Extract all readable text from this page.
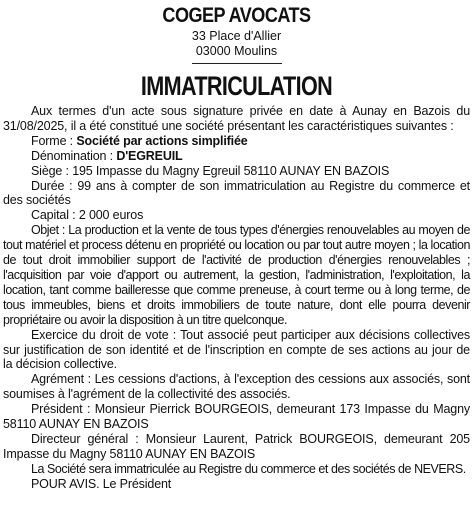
COGEP AVOCATS
33 Place d'Allier
03000 Moulins
IMMATRICULATION

Aux termes d'un acte sous signature privée en date à Aunay en Bazois du 31/08/2025, il a été constitué une société présentant les caractéristiques suivantes :

Forme : Société par actions simplifiée

Dénomination : D'EGREUIL

Siège : 195 Impasse du Magny Egreuil 58110 AUNAY EN BAZOIS

Durée : 99 ans à compter de son immatriculation au Registre du commerce et des sociétés

Capital : 2 000 euros

Objet : La production et la vente de tous types d'énergies renouvelables au moyen de tout matériel et process détenu en propriété ou location ou par tout autre moyen ; la location de tout droit immobilier support de l'activité de production d'énergies renouvelables ; l'acquisition par voie d'apport ou autrement, la gestion, l'administration, l'exploitation, la location, tant comme bailleresse que comme preneuse, à court terme ou à long terme, de tous immeubles, biens et droits immobiliers de toute nature, dont elle pourra devenir propriétaire ou avoir la disposition à un titre quelconque.

Exercice du droit de vote : Tout associé peut participer aux décisions collectives sur justification de son identité et de l'inscription en compte de ses actions au jour de la décision collective.

Agrément : Les cessions d'actions, à l'exception des cessions aux associés, sont soumises à l'agrément de la collectivité des associés.

Président : Monsieur Pierrick BOURGEOIS, demeurant 173 Impasse du Magny 58110 AUNAY EN BAZOIS

Directeur général : Monsieur Laurent, Patrick BOURGEOIS, demeurant 205 Impasse du Magny 58110 AUNAY EN BAZOIS

La Société sera immatriculée au Registre du commerce et des sociétés de NEVERS.

POUR AVIS. Le Président
